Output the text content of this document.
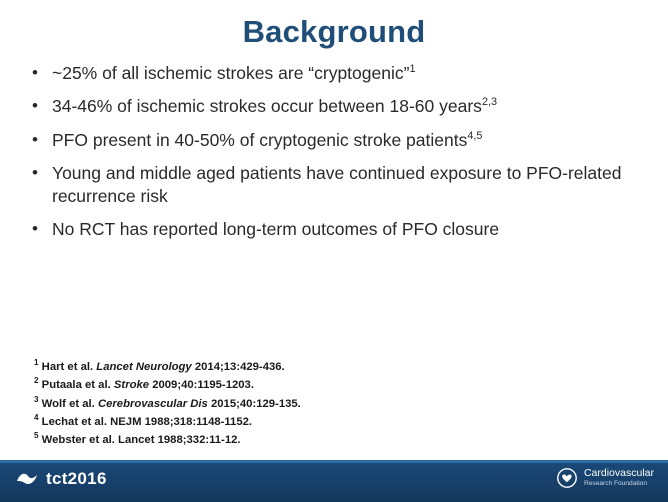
Background
• ~25% of all ischemic strokes are “cryptogenic”$^1$
• 34-46% of ischemic strokes occur between 18-60 years$^{2,3}$
• PFO present in 40-50% of cryptogenic stroke patients$^{4,5}$
• Young and middle aged patients have continued exposure to PFO-related recurrence risk
• No RCT has reported long-term outcomes of PFO closure
$^1$ Hart et al. Lancet Neurology 2014;13:429-436.
$^2$ Putaala et al. Stroke 2009;40:1195-1203.
$^3$ Wolf et al. Cerebrovascular Dis 2015;40:129-135.
$^4$ Lechat et al. NEJM 1988;318:1148-1152.
$^5$ Webster et al. Lancet 1988;332:11-12.
tct2016	Cardiovascular
Research Foundation
